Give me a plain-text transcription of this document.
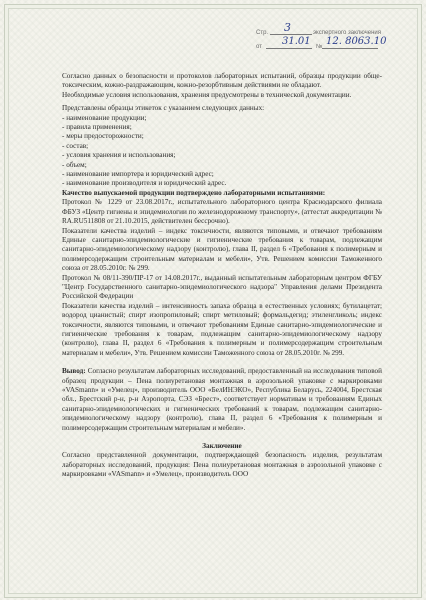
Стр. 3	экспертного заключения
от 31.01 № 12. 8063.10

Согласно данных о безопасности и протоколов лабораторных испытаний, образцы продукции обще-токсическим, кожно-раздражающим, кожно-резорбтивным действиями не обладают.

Необходимые условия использования, хранения предусмотрены в технической документации.

Представлены образцы этикеток с указанием следующих данных:

- наименование продукции;

- правила применения;

- меры предосторожности;

- состав;

- условия хранения и использования;

- объем;

- наименование импортера и юридический адрес;

- наименование производителя и юридический адрес.

Качество выпускаемой продукции подтверждено лабораторными испытаниями:

Протокол № 1229 от 23.08.2017г., испытательного лабораторного центра Краснодарского филиала ФБУЗ «Центр гигиены и эпидемиологии по железнодорожному транспорту», (аттестат аккредитации № RA.RU511808 от 21.10.2015, действителен бессрочно).

Показатели качества изделий – индекс токсичности, являются типовыми, и отвечают требованиям Единые санитарно-эпидемиологические и гигиенические требования к товарам, подлежащим санитарно-эпидемиологическому надзору (контролю), глава II, раздел 6 «Требования к полимерным и полимерсодержащим строительным материалам и мебели», Утв. Решением комиссии Таможенного союза от 28.05.2010г. № 299.

Протокол № 08/11-390/ПР-17 от 14.08.2017г., выданный испытательным лабораторным центром ФГБУ "Центр Государственного санитарно-эпидемиологического надзора" Управления делами Президента Российской Федерации

Показатели качества изделий – интенсивность запаха образца в естественных условиях; бутилацетат; водород цианистый; спирт изопропиловый; спирт метиловый; формальдегид; этиленгликоль; индекс токсичности, являются типовыми, и отвечают требованиям Единые санитарно-эпидемиологические и гигиенические требования к товарам, подлежащим санитарно-эпидемиологическому надзору (контролю), глава II, раздел 6 «Требования к полимерным и полимерсодержащим строительным материалам и мебели», Утв. Решением комиссии Таможенного союза от 28.05.2010г. № 299.

Вывод: Согласно результатам лабораторных исследований, предоставленный на исследования типовой образец продукции – Пена полиуретановая монтажная в аэрозольной упаковке с маркировками «VASmann» и «Умелец», производитель ООО «БелИНЭКО», Республика Беларусь, 224004, Брестская обл., Брестский р-н, р-н Аэропорта, СЭЗ «Брест», соответствует нормативам и требованиям Единых санитарно-эпидемиологических и гигиенических требований к товарам, подлежащим санитарно-эпидемиологическому надзору (контролю), глава II, раздел 6 «Требования к полимерным и полимерсодержащим строительным материалам и мебели».

Заключение

Согласно представленной документации, подтверждающей безопасность изделия, результатам лабораторных исследований, продукция: Пена полиуретановая монтажная в аэрозольной упаковке с маркировками «VASmann» и «Умелец», производитель ООО
